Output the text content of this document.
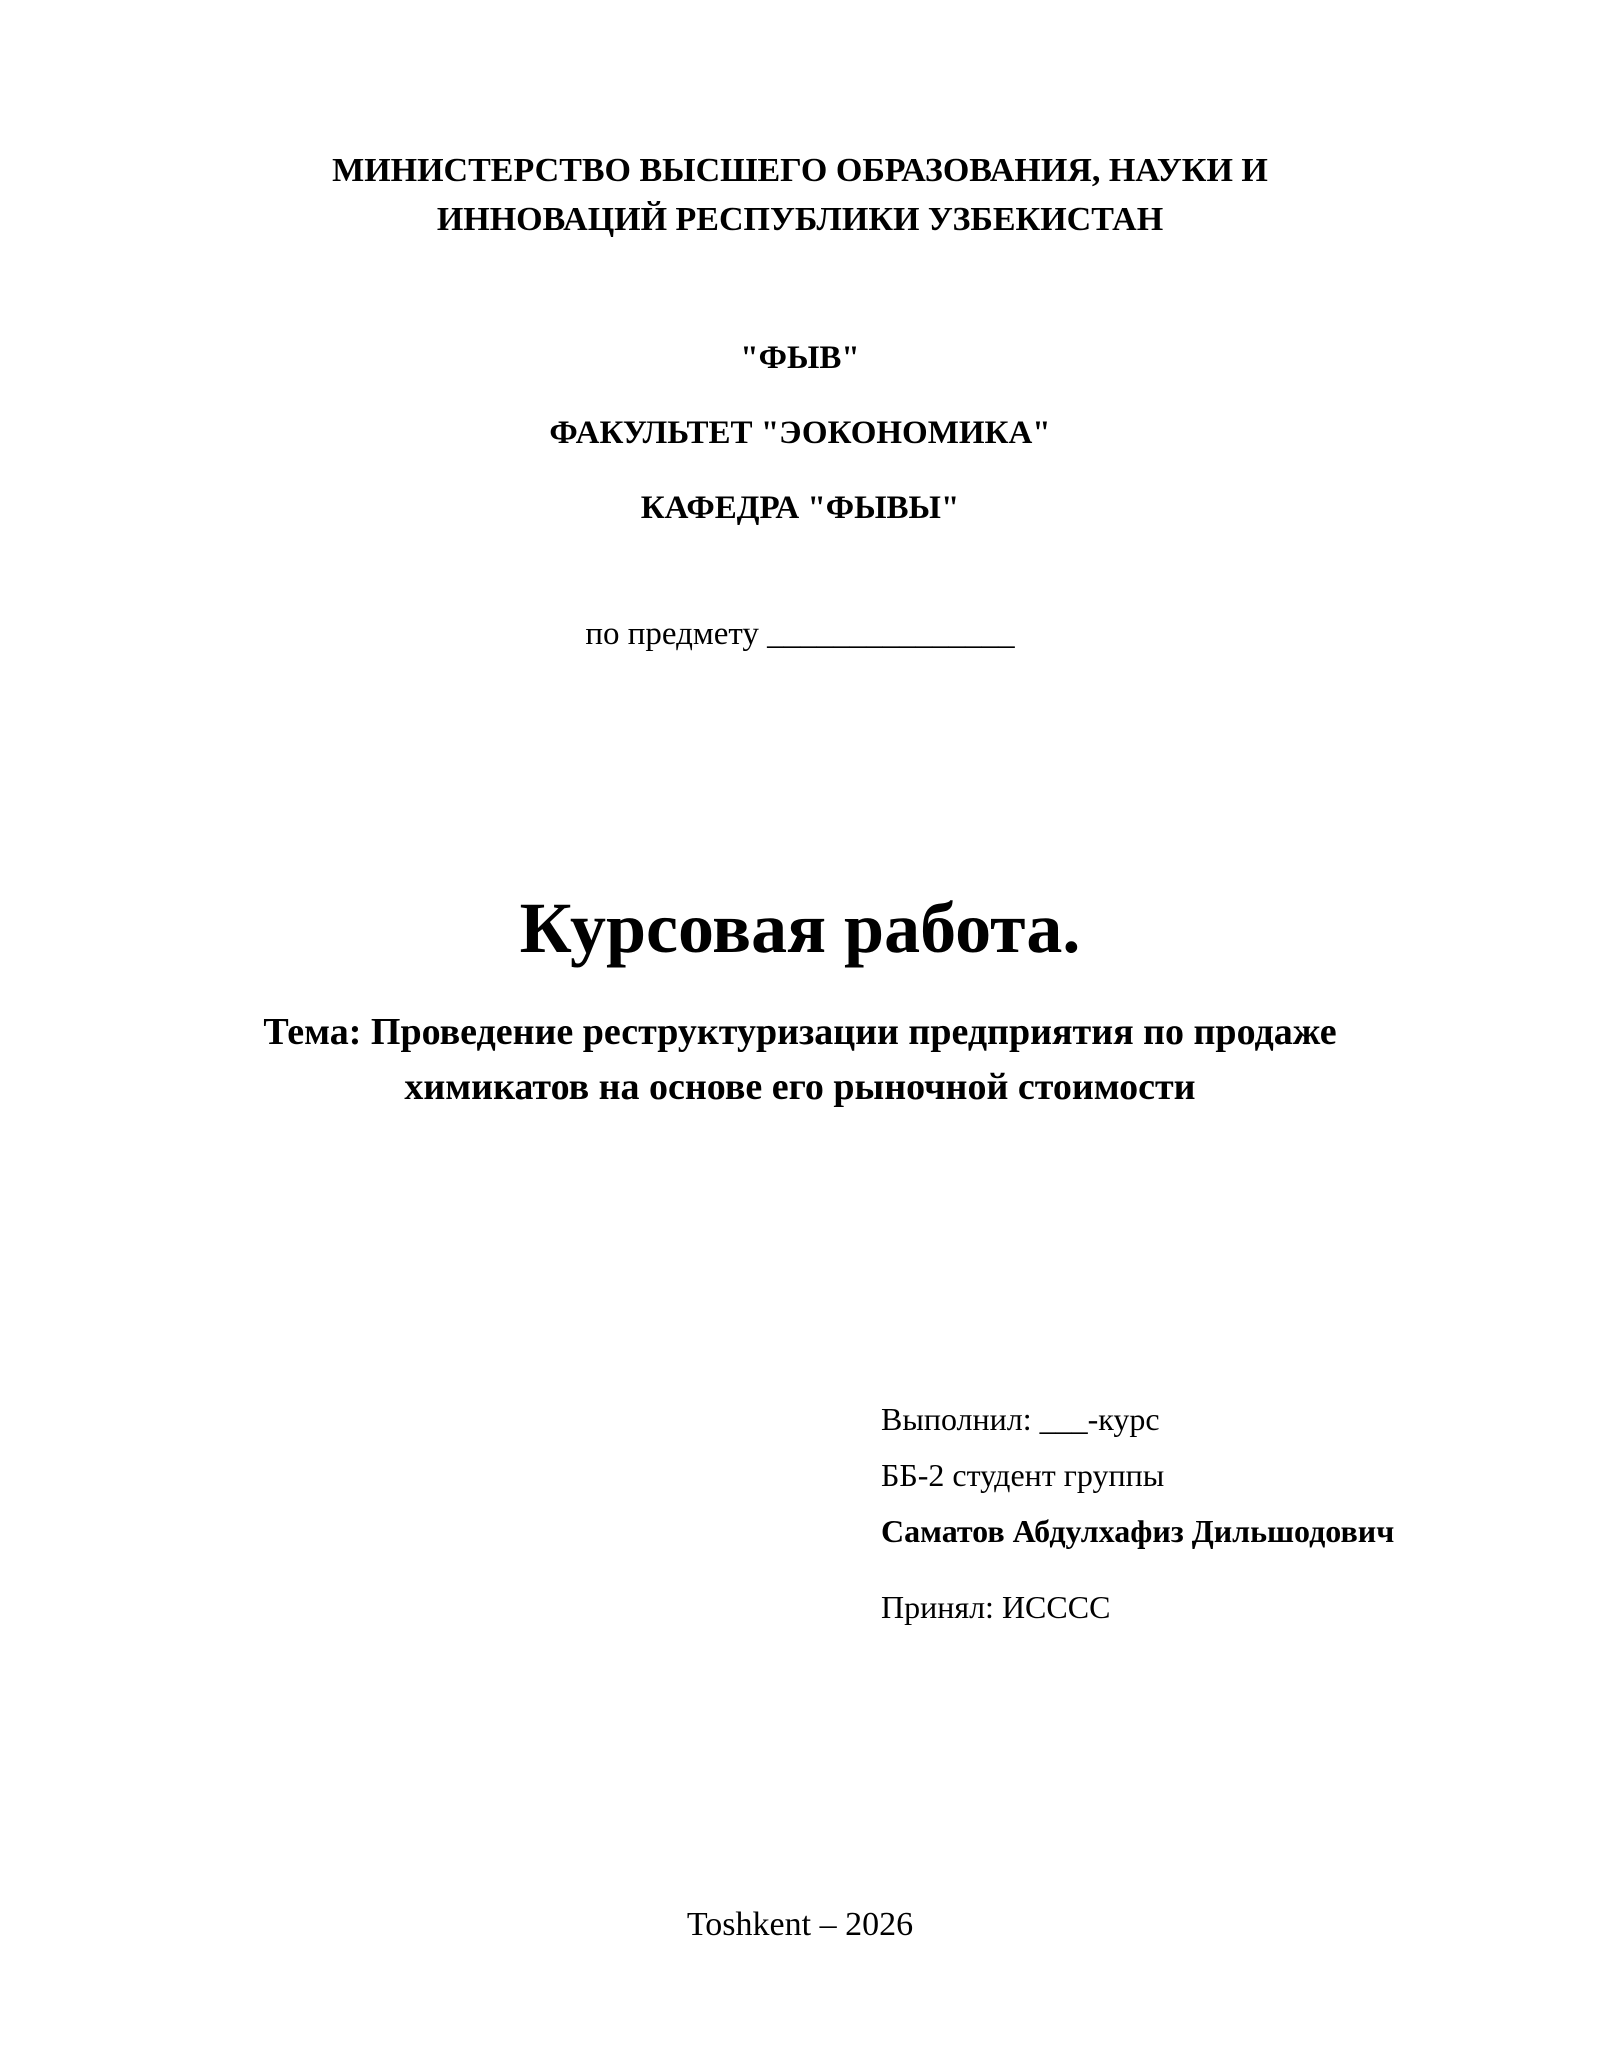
МИНИСТЕРСТВО ВЫСШЕГО ОБРАЗОВАНИЯ, НАУКИ И
ИННОВАЦИЙ РЕСПУБЛИКИ УЗБЕКИСТАН
"ФЫВ"
ФАКУЛЬТЕТ "ЭОКОНОМИКА"
КАФЕДРА "ФЫВЫ"
по предмету _______________
Курсовая работа.
Тема: Проведение реструктуризации предприятия по продаже
химикатов на основе его рыночной стоимости
Выполнил: ___-курс
ББ-2 студент группы
Саматов Абдулхафиз Дильшодович
Принял: ИСССС
Toshkent – 2026
